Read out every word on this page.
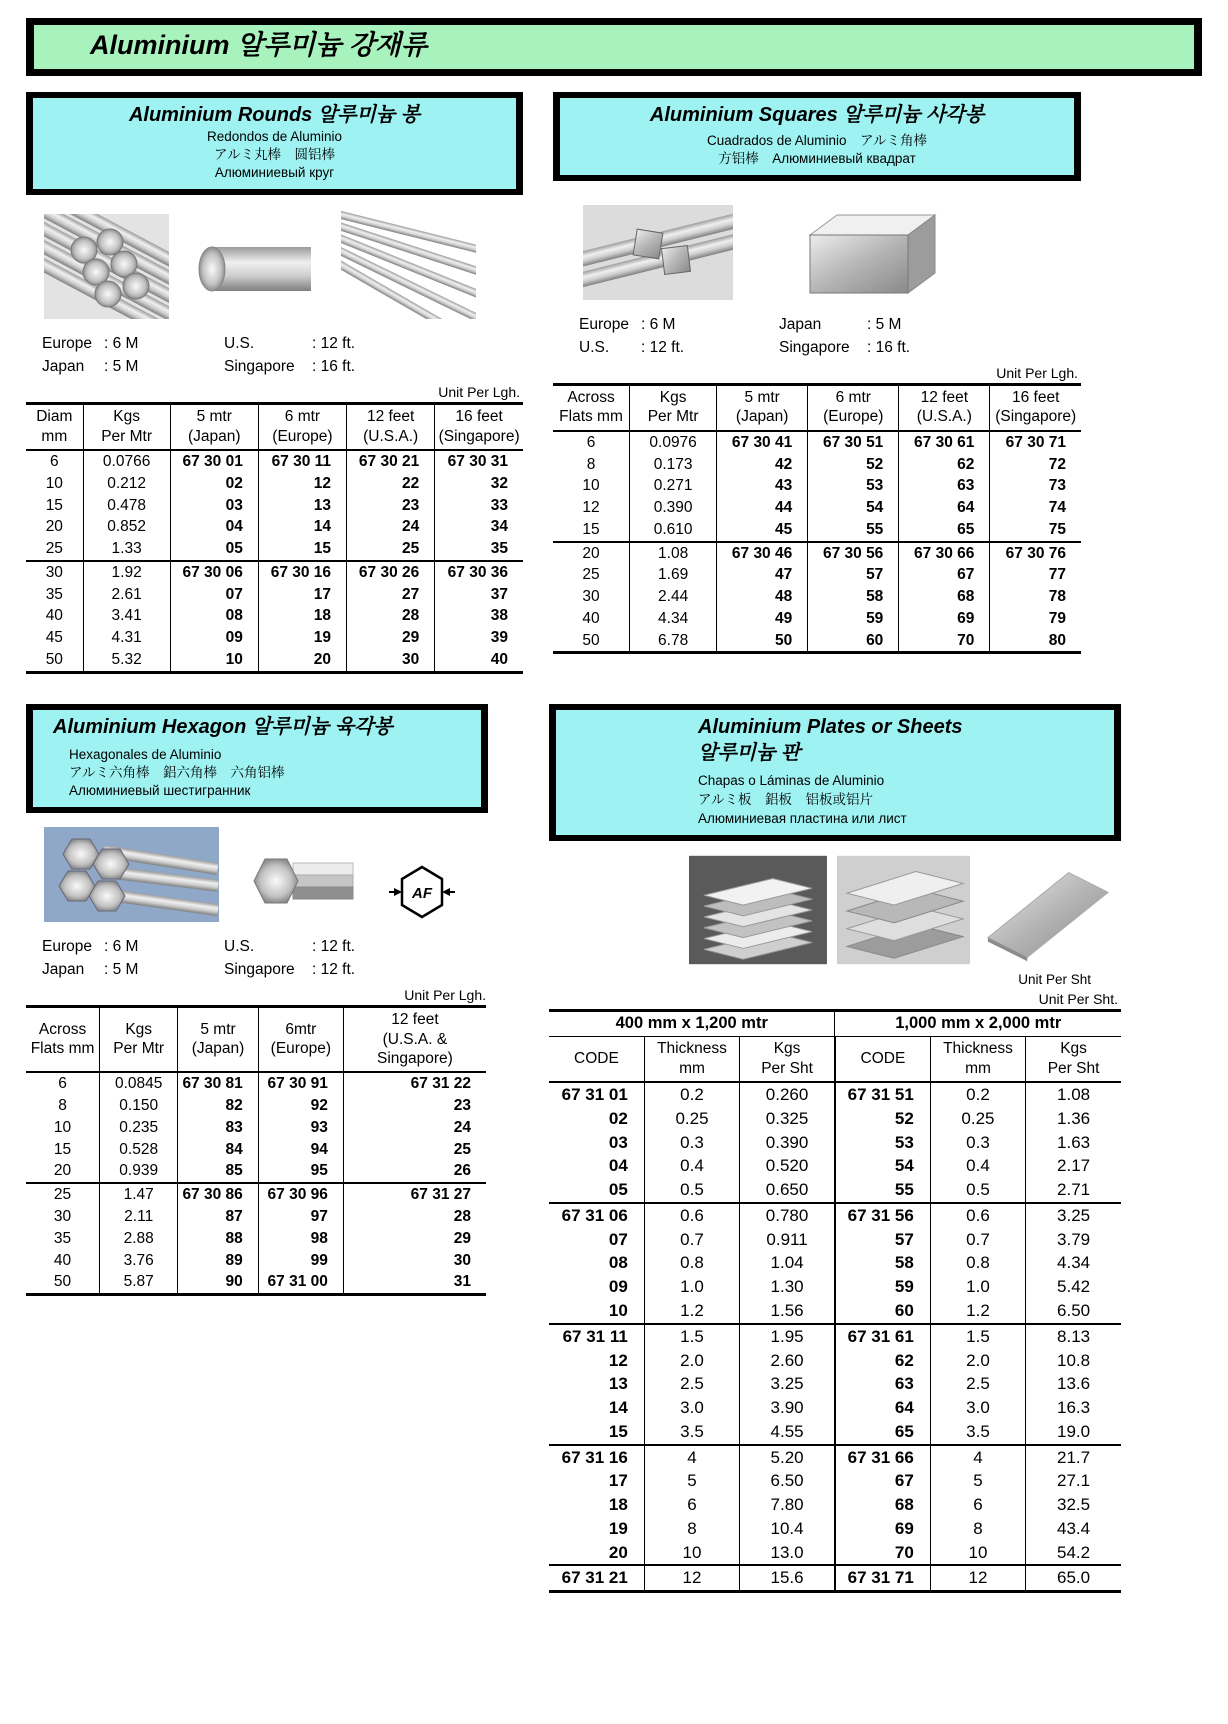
Aluminium 알루미늄 강재류
Aluminium Rounds 알루미늄 봉
Redondos de Aluminio
アルミ丸棒　圆铝棒
Алюминиевый круг
Europe : 6 M
Japan : 5 M
U.S.	: 12 ft.
Singapore : 16 ft.
Unit Per Lgh.
Diam
mm

Kgs
Per Mtr

5 mtr
(Japan)

6 mtr
(Europe)

12 feet
(U.S.A.)

16 feet
(Singapore)

6	0.0766	67 30 01	67 30 11	67 30 21	67 30 31
10	0.212	02	12	22	32
15	0.478	03	13	23	33
20	0.852	04	14	24	34
25	1.33	05	15	25	35
30	1.92	67 30 06	67 30 16	67 30 26	67 30 36
35	2.61	07	17	27	37
40	3.41	08	18	28	38
45	4.31	09	19	29	39
50	5.32	10	20	30	40
Aluminium Squares 알루미늄 사각봉
Cuadrados de Aluminio　アルミ角棒
方铝棒　Алюминиевый квадрат
Europe : 6 M
U.S. : 12 ft.
Japan	: 5 M
Singapore : 16 ft.
Unit Per Lgh.
Across
Flats mm

Kgs
Per Mtr

5 mtr
(Japan)

6 mtr
(Europe)

12 feet
(U.S.A.)

16 feet
(Singapore)

6	0.0976	67 30 41	67 30 51	67 30 61	67 30 71
8	0.173	42	52	62	72
10	0.271	43	53	63	73
12	0.390	44	54	64	74
15	0.610	45	55	65	75
20	1.08	67 30 46	67 30 56	67 30 66	67 30 76
25	1.69	47	57	67	77
30	2.44	48	58	68	78
40	4.34	49	59	69	79
50	6.78	50	60	70	80
Aluminium Hexagon 알루미늄 육각봉
Hexagonales de Aluminio
アルミ六角棒　鋁六角棒　六角铝棒
Алюминиевый шестигранник
AF
Europe : 6 M
Japan : 5 M
U.S.	: 12 ft.
Singapore : 12 ft.
Unit Per Lgh.
Across
Flats mm

Kgs
Per Mtr

5 mtr
(Japan)

6mtr
(Europe)

12 feet
(U.S.A. &
Singapore)

6	0.0845	67 30 81	67 30 91	67 31 22
8	0.150	82	92	23
10	0.235	83	93	24
15	0.528	84	94	25
20	0.939	85	95	26
25	1.47	67 30 86	67 30 96	67 31 27
30	2.11	87	97	28
35	2.88	88	98	29
40	3.76	89	99	30
50	5.87	90	67 31 00	31
Aluminium Plates or Sheets
알루미늄 판
Chapas o Láminas de Aluminio
アルミ板　鋁板　铝板或铝片
Алюминиевая пластина или лист
Unit Per Sht
Unit Per Sht.
400 mm x 1,200 mtr			1,000 mm x 2,000 mtr		

CODE

Thickness
mm

Kgs
Per Sht

CODE

Thickness
mm

Kgs
Per Sht

67 31 01	0.2	0.260	67 31 51	0.2	1.08
02	0.25	0.325	52	0.25	1.36
03	0.3	0.390	53	0.3	1.63
04	0.4	0.520	54	0.4	2.17
05	0.5	0.650	55	0.5	2.71
67 31 06	0.6	0.780	67 31 56	0.6	3.25
07	0.7	0.911	57	0.7	3.79
08	0.8	1.04	58	0.8	4.34
09	1.0	1.30	59	1.0	5.42
10	1.2	1.56	60	1.2	6.50
67 31 11	1.5	1.95	67 31 61	1.5	8.13
12	2.0	2.60	62	2.0	10.8
13	2.5	3.25	63	2.5	13.6
14	3.0	3.90	64	3.0	16.3
15	3.5	4.55	65	3.5	19.0
67 31 16	4	5.20	67 31 66	4	21.7
17	5	6.50	67	5	27.1
18	6	7.80	68	6	32.5
19	8	10.4	69	8	43.4
20	10	13.0	70	10	54.2
67 31 21	12	15.6	67 31 71	12	65.0
